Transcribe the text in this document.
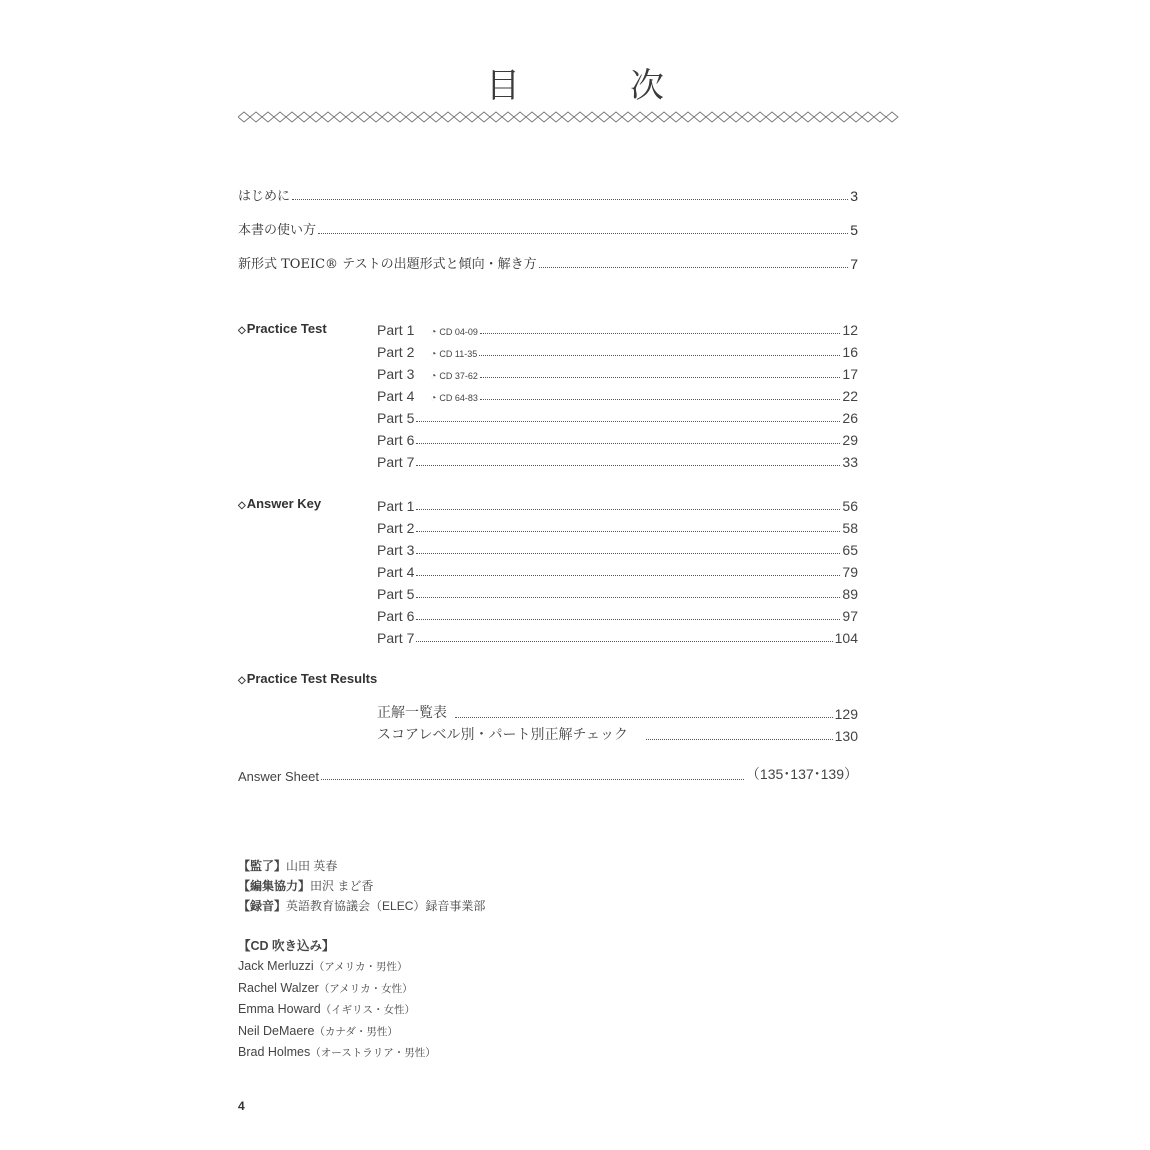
目　次
はじめに	3
本書の使い方	5
新形式 TOEIC® テストの出題形式と傾向・解き方	7
◇Practice Test	Part 1 ◔ CD 04-09	12
Part 2 ◔ CD 11-35	16
Part 3 ◔ CD 37-62	17
Part 4 ◔ CD 64-83	22
Part 5	26
Part 6	29
Part 7	33
◇Answer Key	Part 1	56
Part 2	58
Part 3	65
Part 4	79
Part 5	89
Part 6	97
Part 7	104
◇Practice Test Results
正解一覧表	129
スコアレベル別・パート別正解チェック	130
Answer Sheet	（135･137･139）
【監了】山田 英春
【編集協力】田沢 まど香
【録音】英語教育協議会（ELEC）録音事業部
【CD 吹き込み】
Jack Merluzzi（アメリカ・男性）
Rachel Walzer（アメリカ・女性）
Emma Howard（イギリス・女性）
Neil DeMaere（カナダ・男性）
Brad Holmes（オーストラリア・男性）
4
